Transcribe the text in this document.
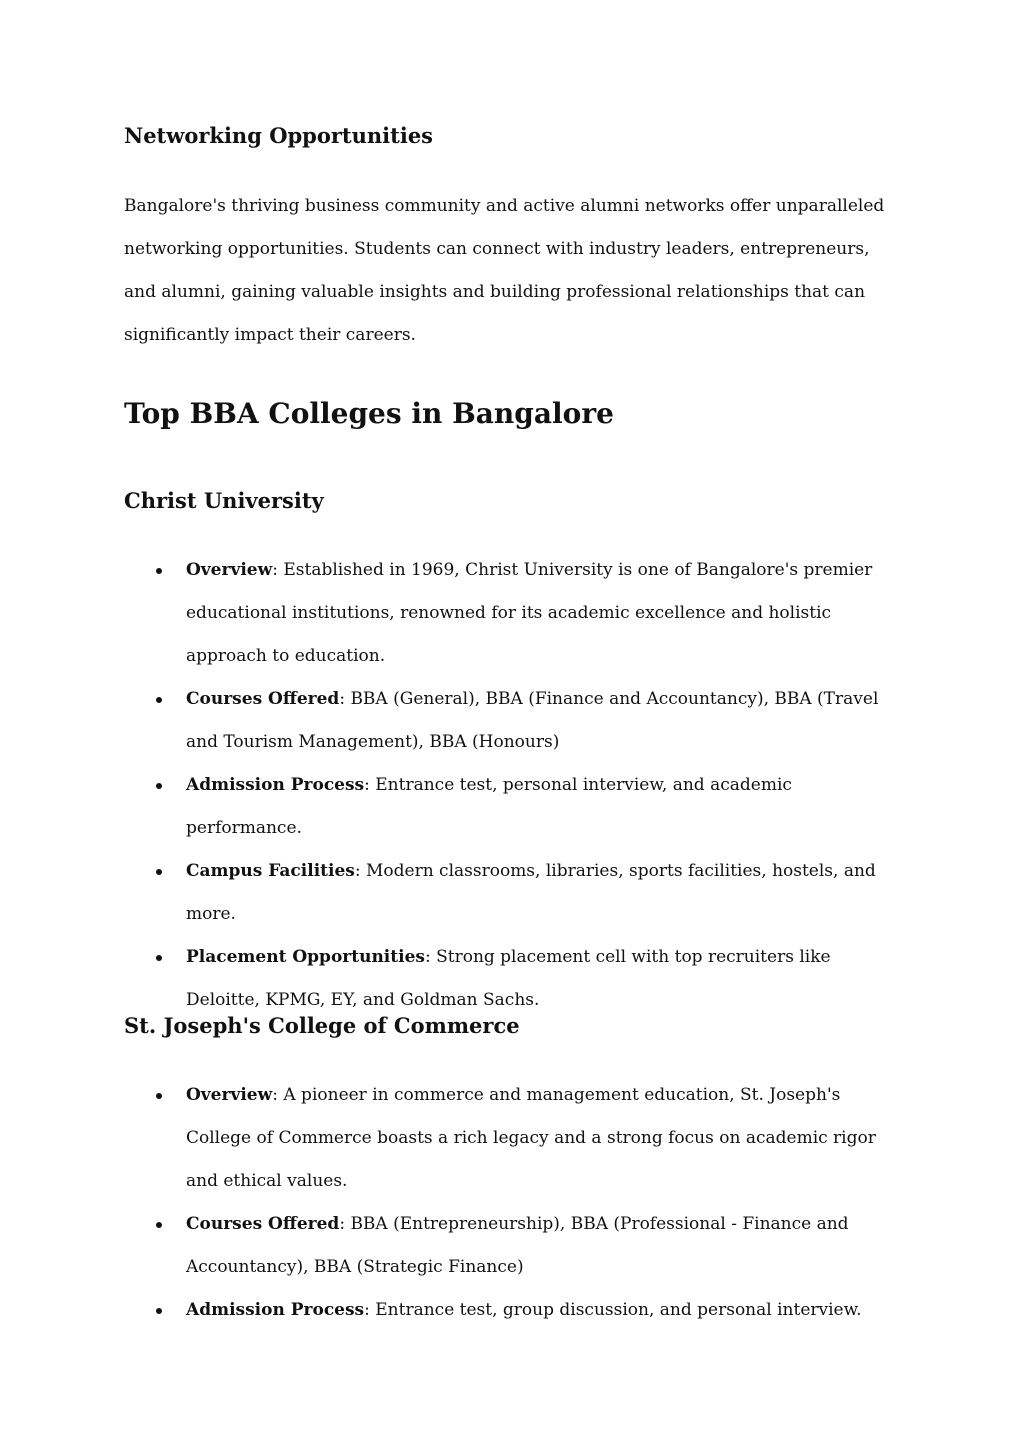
Networking Opportunities

Bangalore's thriving business community and active alumni networks offer unparalleled networking opportunities. Students can connect with industry leaders, entrepreneurs, and alumni, gaining valuable insights and building professional relationships that can significantly impact their careers.

Top BBA Colleges in Bangalore
Christ University
Overview: Established in 1969, Christ University is one of Bangalore's premier educational institutions, renowned for its academic excellence and holistic approach to education.
Courses Offered: BBA (General), BBA (Finance and Accountancy), BBA (Travel and Tourism Management), BBA (Honours)
Admission Process: Entrance test, personal interview, and academic performance.
Campus Facilities: Modern classrooms, libraries, sports facilities, hostels, and more.
Placement Opportunities: Strong placement cell with top recruiters like Deloitte, KPMG, EY, and Goldman Sachs.
St. Joseph's College of Commerce
Overview: A pioneer in commerce and management education, St. Joseph's College of Commerce boasts a rich legacy and a strong focus on academic rigor and ethical values.
Courses Offered: BBA (Entrepreneurship), BBA (Professional - Finance and Accountancy), BBA (Strategic Finance)
Admission Process: Entrance test, group discussion, and personal interview.
